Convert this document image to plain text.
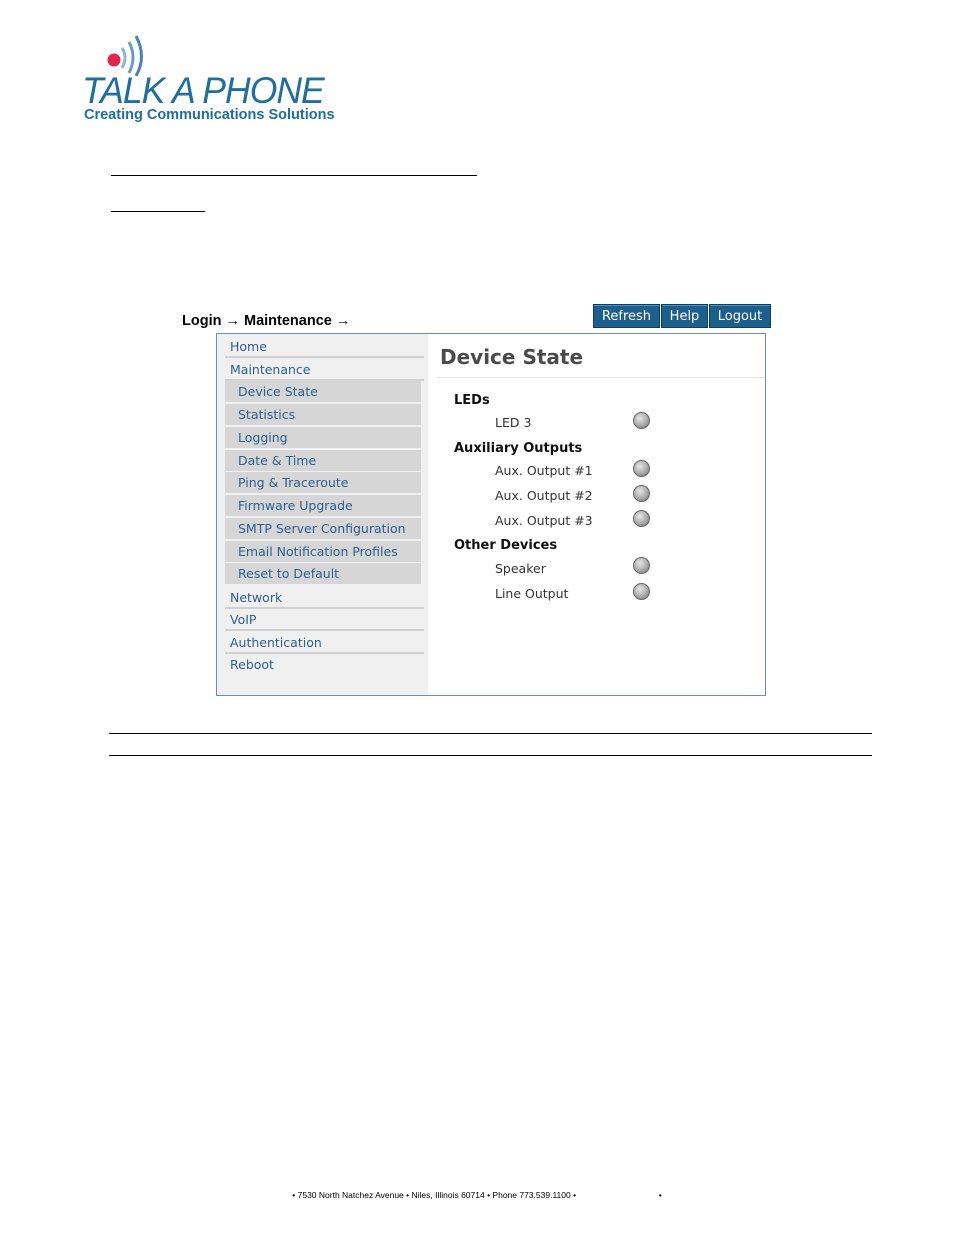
TALK A PHONE
Creating Communications Solutions
Login → Maintenance →	Refresh	Help	Logout
Home
Maintenance
Device State
Statistics
Logging
Date & Time
Ping & Traceroute
Firmware Upgrade
SMTP Server Configuration
Email Notification Profiles
Reset to Default
Network
VoIP
Authentication
Reboot
Device State
LEDs
LED 3
Auxiliary Outputs
Aux. Output #1
Aux. Output #2
Aux. Output #3
Other Devices
Speaker
Line Output
• 7530 North Natchez Avenue • Niles, Illinois 60714 • Phone 773.539.1100 •                                   •
